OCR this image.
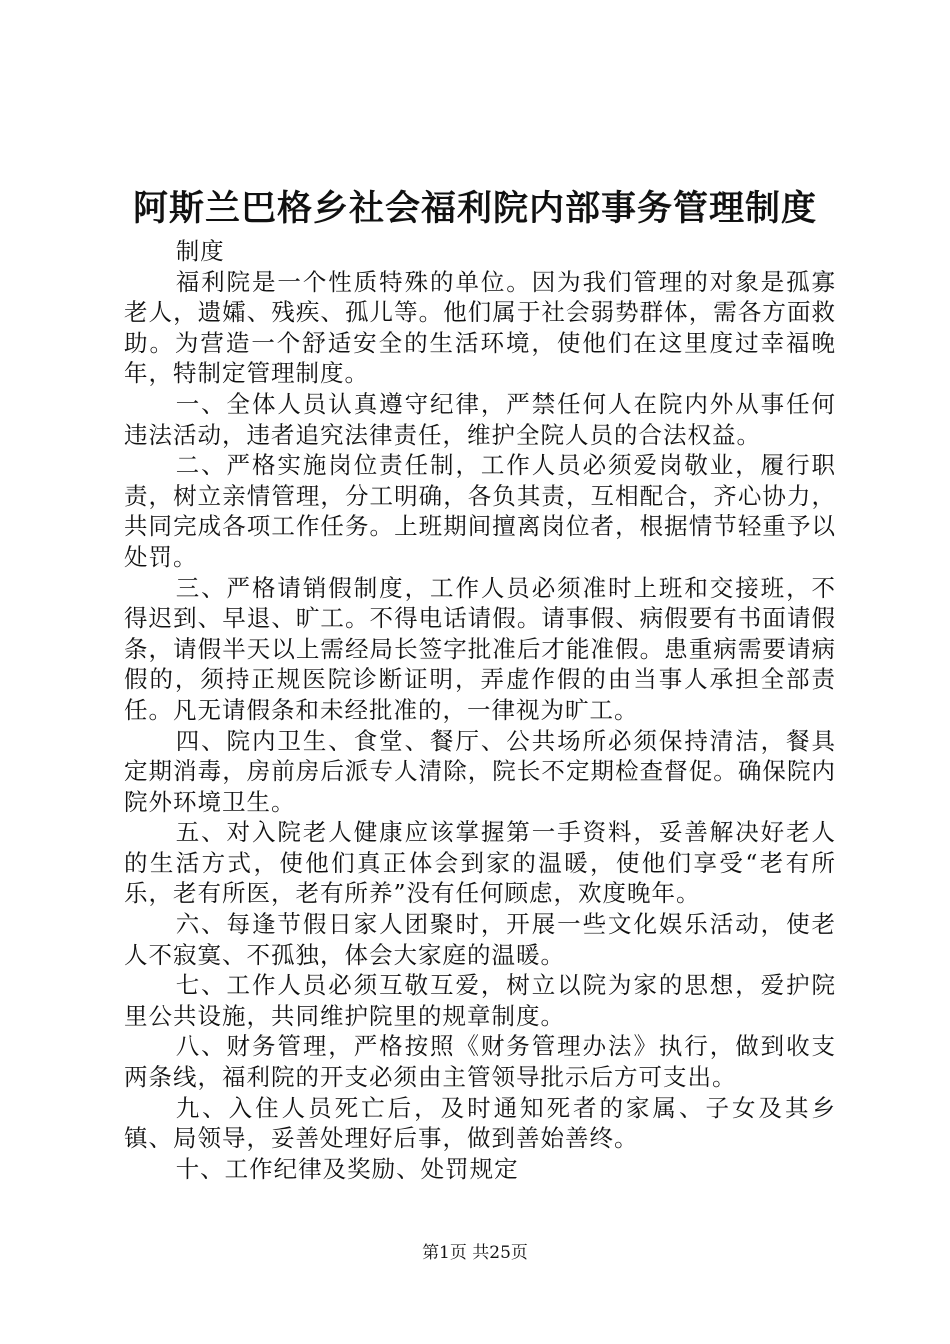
阿斯兰巴格乡社会福利院内部事务管理制度

制度

福利院是一个性质特殊的单位。因为我们管理的对象是孤寡老人，遗孀、残疾、孤儿等。他们属于社会弱势群体，需各方面救助。为营造一个舒适安全的生活环境，使他们在这里度过幸福晚年，特制定管理制度。

一、全体人员认真遵守纪律，严禁任何人在院内外从事任何违法活动，违者追究法律责任，维护全院人员的合法权益。

二、严格实施岗位责任制，工作人员必须爱岗敬业，履行职责，树立亲情管理，分工明确，各负其责，互相配合，齐心协力，共同完成各项工作任务。上班期间擅离岗位者，根据情节轻重予以处罚。

三、严格请销假制度，工作人员必须准时上班和交接班，不得迟到、早退、旷工。不得电话请假。请事假、病假要有书面请假条，请假半天以上需经局长签字批准后才能准假。患重病需要请病假的，须持正规医院诊断证明，弄虚作假的由当事人承担全部责任。凡无请假条和未经批准的，一律视为旷工。

四、院内卫生、食堂、餐厅、公共场所必须保持清洁，餐具定期消毒，房前房后派专人清除，院长不定期检查督促。确保院内院外环境卫生。

五、对入院老人健康应该掌握第一手资料，妥善解决好老人的生活方式，使他们真正体会到家的温暖，使他们享受“老有所乐，老有所医，老有所养”没有任何顾虑，欢度晚年。

六、每逢节假日家人团聚时，开展一些文化娱乐活动，使老人不寂寞、不孤独，体会大家庭的温暖。

七、工作人员必须互敬互爱，树立以院为家的思想，爱护院里公共设施，共同维护院里的规章制度。

八、财务管理，严格按照《财务管理办法》执行，做到收支两条线，福利院的开支必须由主管领导批示后方可支出。

九、入住人员死亡后，及时通知死者的家属、子女及其乡镇、局领导，妥善处理好后事，做到善始善终。

十、工作纪律及奖励、处罚规定

第1页 共25页
